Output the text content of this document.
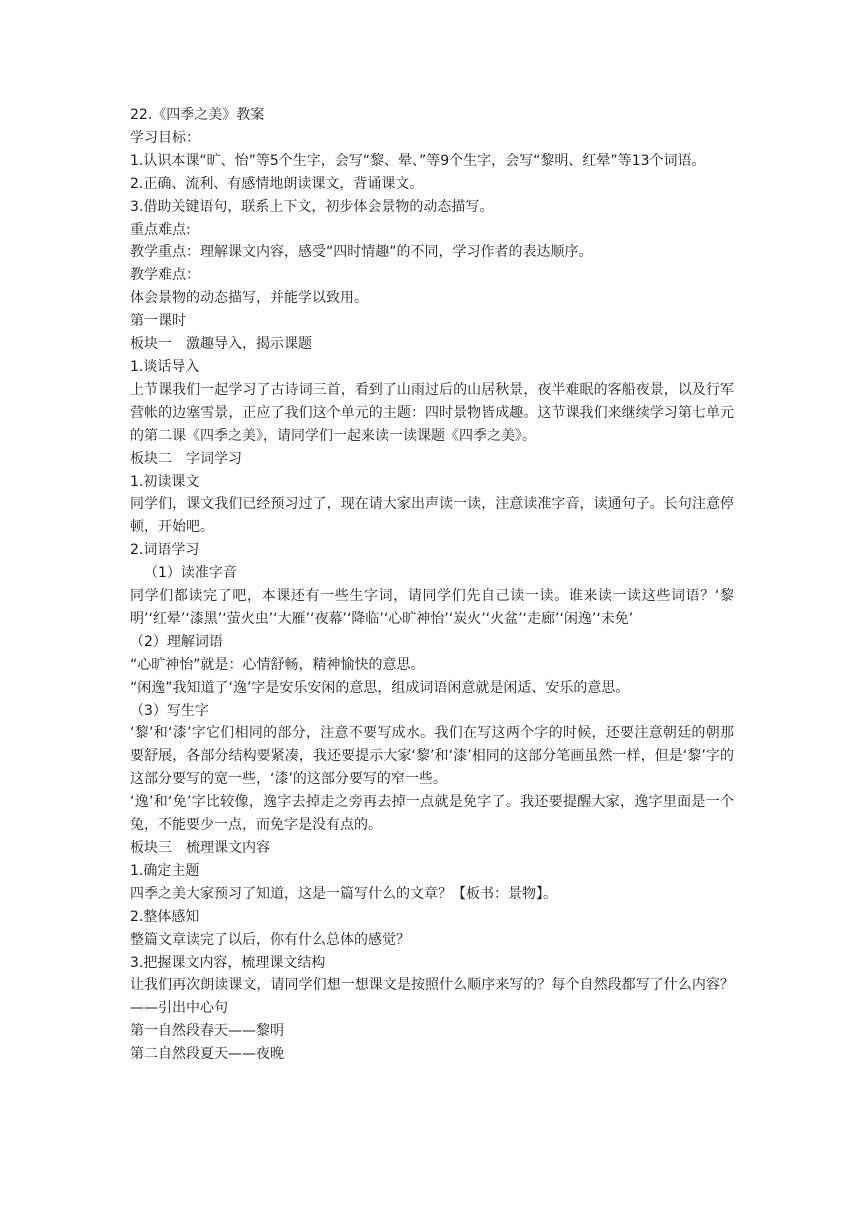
22.《四季之美》教案

学习目标：

1.认识本课“旷、怡”等5个生字，会写“黎、晕、”等9个生字，会写“黎明、红晕”等13个词语。

2.正确、流利、有感情地朗读课文，背诵课文。

3.借助关键语句，联系上下文，初步体会景物的动态描写。

重点难点:

教学重点：理解课文内容，感受“四时情趣”的不同，学习作者的表达顺序。

教学难点：

体会景物的动态描写，并能学以致用。

第一课时

板块一　激趣导入，揭示课题

1.谈话导入

上节课我们一起学习了古诗词三首，看到了山雨过后的山居秋景，夜半难眠的客船夜景，以及行军营帐的边塞雪景，正应了我们这个单元的主题：四时景物皆成趣。这节课我们来继续学习第七单元的第二课《四季之美》，请同学们一起来读一读课题《四季之美》。

板块二　字词学习

1.初读课文

同学们，课文我们已经预习过了，现在请大家出声读一读，注意读准字音，读通句子。长句注意停顿，开始吧。

2.词语学习

（1）读准字音

同学们都读完了吧，本课还有一些生字词，请同学们先自己读一读。谁来读一读这些词语？‘黎明’‘红晕’‘漆黑’‘萤火虫’‘大雁’‘夜幕’‘降临’‘心旷神怡’‘炭火’‘火盆’‘走廊’‘闲逸’‘未免’

（2）理解词语

“心旷神怡”就是：心情舒畅，精神愉快的意思。

“闲逸”我知道了‘逸’字是安乐安闲的意思，组成词语闲意就是闲适、安乐的意思。

（3）写生字

‘黎’和‘漆’字它们相同的部分，注意不要写成水。我们在写这两个字的时候，还要注意朝廷的朝那要舒展，各部分结构要紧凑，我还要提示大家‘黎’和‘漆’相同的这部分笔画虽然一样，但是‘黎’字的这部分要写的宽一些，‘漆’的这部分要写的窄一些。

‘逸’和‘免’字比较像，逸字去掉走之旁再去掉一点就是免字了。我还要提醒大家，逸字里面是一个兔，不能要少一点，而免字是没有点的。

板块三　梳理课文内容

1.确定主题

四季之美大家预习了知道，这是一篇写什么的文章？【板书：景物】。

2.整体感知

整篇文章读完了以后，你有什么总体的感觉？

3.把握课文内容，梳理课文结构

让我们再次朗读课文，请同学们想一想课文是按照什么顺序来写的？每个自然段都写了什么内容？——引出中心句

第一自然段春天——黎明

第二自然段夏天——夜晚
